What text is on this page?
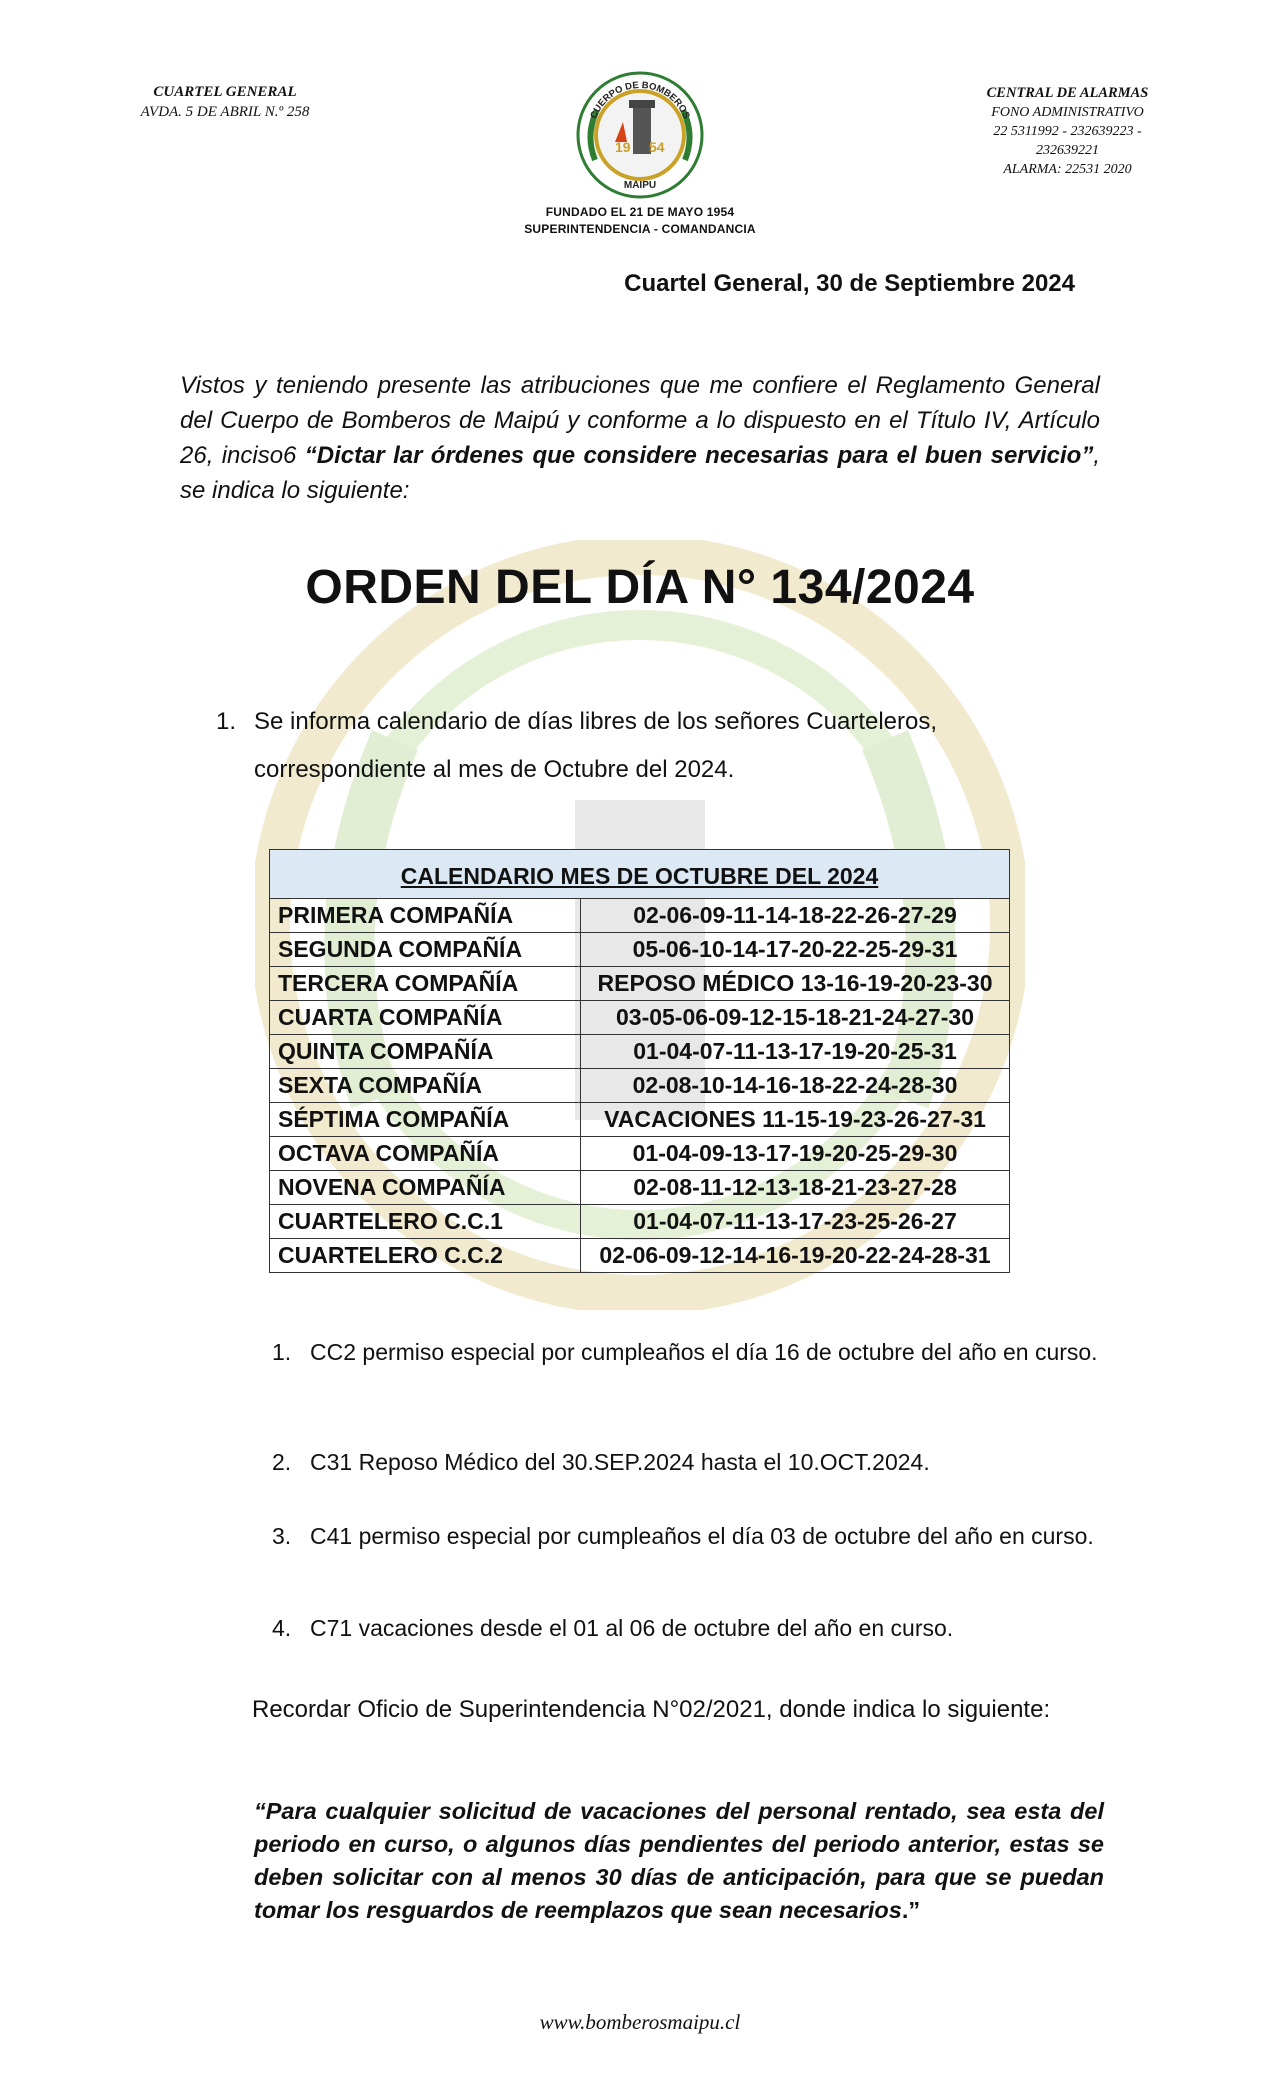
CUARTEL GENERAL
AVDA. 5 DE ABRIL N.º 258
19 54
CUERPO DE BOMBEROS
MAIPU
FUNDADO EL 21 DE MAYO 1954
SUPERINTENDENCIA - COMANDANCIA
CENTRAL DE ALARMAS
FONO ADMINISTRATIVO
22 5311992 - 232639223 -
232639221
ALARMA: 22531 2020
Cuartel General, 30 de Septiembre 2024
Vistos y teniendo presente las atribuciones que me confiere el Reglamento General del Cuerpo de Bomberos de Maipú y conforme a lo dispuesto en el Título IV, Artículo 26, inciso6 “Dictar lar órdenes que considere necesarias para el buen servicio”, se indica lo siguiente:
ORDEN DEL DÍA N° 134/2024
1. Se informa calendario de días libres de los señores Cuarteleros, correspondiente al mes de Octubre del 2024.
CALENDARIO MES DE OCTUBRE DEL 2024	
PRIMERA COMPAÑÍA	02-06-09-11-14-18-22-26-27-29
SEGUNDA COMPAÑÍA	05-06-10-14-17-20-22-25-29-31
TERCERA COMPAÑÍA	REPOSO MÉDICO 13-16-19-20-23-30
CUARTA COMPAÑÍA	03-05-06-09-12-15-18-21-24-27-30
QUINTA COMPAÑÍA	01-04-07-11-13-17-19-20-25-31
SEXTA COMPAÑÍA	02-08-10-14-16-18-22-24-28-30
SÉPTIMA COMPAÑÍA	VACACIONES 11-15-19-23-26-27-31
OCTAVA COMPAÑÍA	01-04-09-13-17-19-20-25-29-30
NOVENA COMPAÑÍA	02-08-11-12-13-18-21-23-27-28
CUARTELERO C.C.1	01-04-07-11-13-17-23-25-26-27
CUARTELERO C.C.2	02-06-09-12-14-16-19-20-22-24-28-31
1. CC2 permiso especial por cumpleaños el día 16 de octubre del año en curso.
2. C31 Reposo Médico del 30.SEP.2024 hasta el 10.OCT.2024.
3. C41 permiso especial por cumpleaños el día 03 de octubre del año en curso.
4. C71 vacaciones desde el 01 al 06 de octubre del año en curso.
Recordar Oficio de Superintendencia N°02/2021, donde indica lo siguiente:
“Para cualquier solicitud de vacaciones del personal rentado, sea esta del periodo en curso, o algunos días pendientes del periodo anterior, estas se deben solicitar con al menos 30 días de anticipación, para que se puedan tomar los resguardos de reemplazos que sean necesarios.”
www.bomberosmaipu.cl
